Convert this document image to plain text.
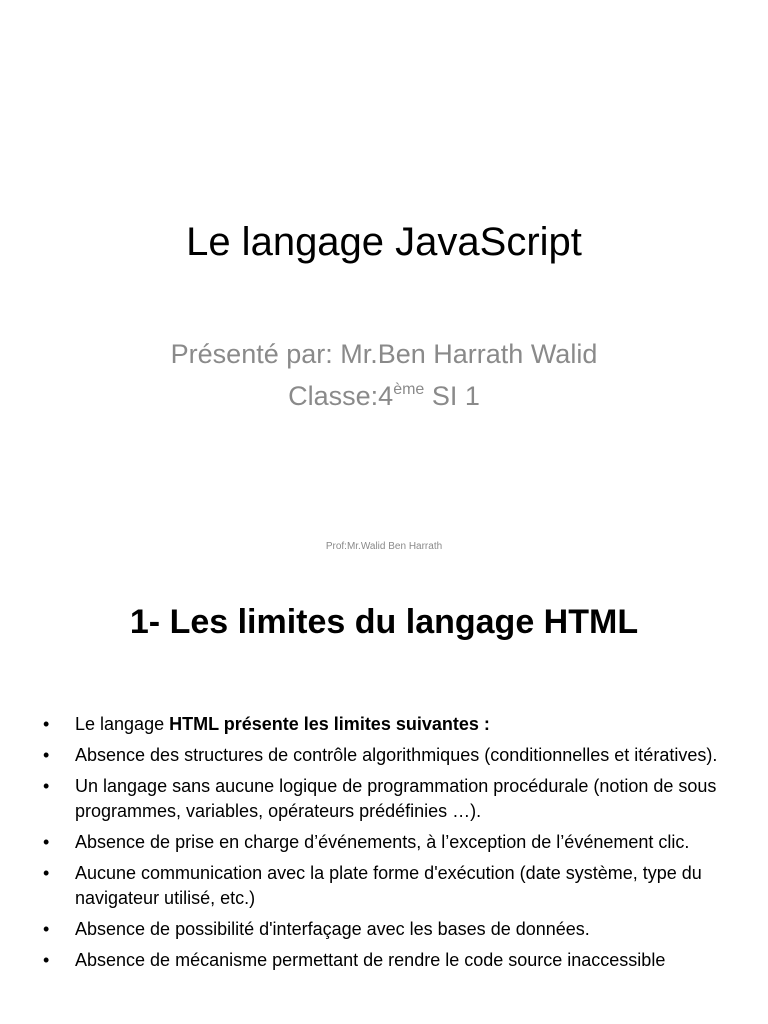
Le langage JavaScript
Présenté par: Mr.Ben Harrath Walid
Classe:4ème SI 1
Prof:Mr.Walid Ben Harrath
1- Les limites du langage HTML
• Le langage HTML présente les limites suivantes :
• Absence des structures de contrôle algorithmiques (conditionnelles et itératives).
• Un langage sans aucune logique de programmation procédurale (notion de sous programmes, variables, opérateurs prédéfinies …).
• Absence de prise en charge d’événements, à l’exception de l’événement clic.
• Aucune communication avec la plate forme d'exécution (date système, type du navigateur utilisé, etc.)
• Absence de possibilité d'interfaçage avec les bases de données.
• Absence de mécanisme permettant de rendre le code source inaccessible
